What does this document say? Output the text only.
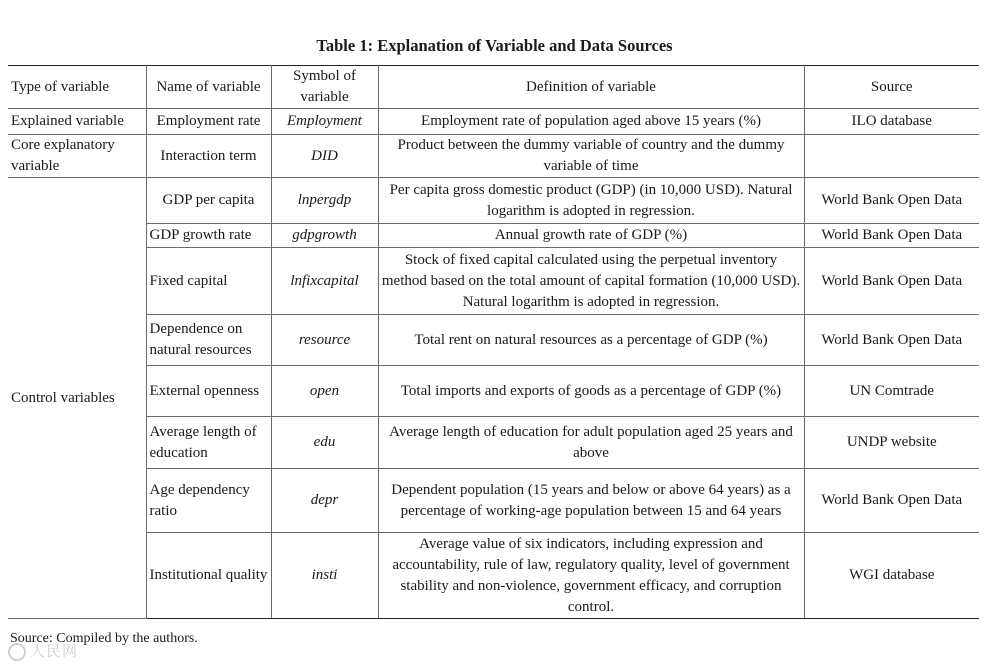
Table 1: Explanation of Variable and Data Sources
Type of variable	Name of variable	Symbol of variable	Definition of variable	Source
Explained variable	Employment rate	Employment	Employment rate of population aged above 15 years (%)	ILO database
Core explanatory variable	Interaction term	DID	Product between the dummy variable of country and the dummy variable of time	
Control variables	GDP per capita	lnpergdp	Per capita gross domestic product (GDP) (in 10,000 USD). Natural logarithm is adopted in regression.	World Bank Open Data
	GDP growth rate	gdpgrowth	Annual growth rate of GDP (%)	World Bank Open Data
	Fixed capital	lnfixcapital	Stock of fixed capital calculated using the perpetual inventory method based on the total amount of capital formation (10,000 USD). Natural logarithm is adopted in regression.	World Bank Open Data
	Dependence on natural resources	resource	Total rent on natural resources as a percentage of GDP (%)	World Bank Open Data
	External openness	open	Total imports and exports of goods as a percentage of GDP (%)	UN Comtrade
	Average length of education	edu	Average length of education for adult population aged 25 years and above	UNDP website
	Age dependency ratio	depr	Dependent population (15 years and below or above 64 years) as a percentage of working-age population between 15 and 64 years	World Bank Open Data
	Institutional quality	insti	Average value of six indicators, including expression and accountability, rule of law, regulatory quality, level of government stability and non-violence, government efficacy, and corruption control.	WGI database
Source: Compiled by the authors.
人民网
